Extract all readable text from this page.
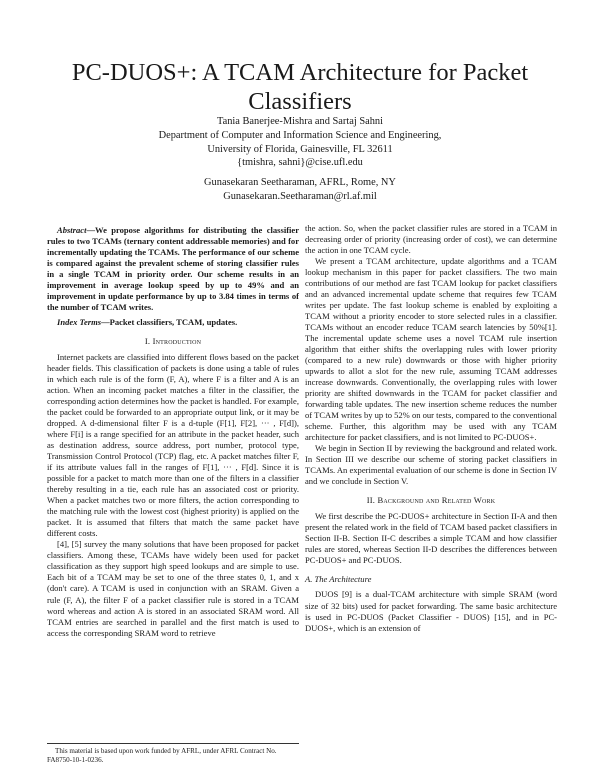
PC-DUOS+: A TCAM Architecture for Packet Classifiers
Tania Banerjee-Mishra and Sartaj Sahni
Department of Computer and Information Science and Engineering,
University of Florida, Gainesville, FL 32611
{tmishra, sahni}@cise.ufl.edu
Gunasekaran Seetharaman, AFRL, Rome, NY
Gunasekaran.Seetharaman@rl.af.mil

Abstract—We propose algorithms for distributing the classifier rules to two TCAMs (ternary content addressable memories) and for incrementally updating the TCAMs. The performance of our scheme is compared against the prevalent scheme of storing classifier rules in a single TCAM in priority order. Our scheme results in an improvement in average lookup speed by up to 49% and an improvement in update performance by up to 3.84 times in terms of the number of TCAM writes.

Index Terms—Packet classifiers, TCAM, updates.

I. Introduction

Internet packets are classified into different flows based on the packet header fields. This classification of packets is done using a table of rules in which each rule is of the form (F, A), where F is a filter and A is an action. When an incoming packet matches a filter in the classifier, the corresponding action determines how the packet is handled. For example, the packet could be forwarded to an appropriate output link, or it may be dropped. A d-dimensional filter F is a d-tuple (F[1], F[2], ··· , F[d]), where F[i] is a range specified for an attribute in the packet header, such as destination address, source address, port number, protocol type, Transmission Control Protocol (TCP) flag, etc. A packet matches filter F, if its attribute values fall in the ranges of F[1], ··· , F[d]. Since it is possible for a packet to match more than one of the filters in a classifier thereby resulting in a tie, each rule has an associated cost or priority. When a packet matches two or more filters, the action corresponding to the matching rule with the lowest cost (highest priority) is applied on the packet. It is assumed that filters that match the same packet have different costs.

[4], [5] survey the many solutions that have been proposed for packet classifiers. Among these, TCAMs have widely been used for packet classification as they support high speed lookups and are simple to use. Each bit of a TCAM may be set to one of the three states 0, 1, and x (don't care). A TCAM is used in conjunction with an SRAM. Given a rule (F, A), the filter F of a packet classifier rule is stored in a TCAM word whereas and action A is stored in an associated SRAM word. All TCAM entries are searched in parallel and the first match is used to access the corresponding SRAM word to retrieve

This material is based upon work funded by AFRL, under AFRL Contract No. FA8750-10-1-0236.

the action. So, when the packet classifier rules are stored in a TCAM in decreasing order of priority (increasing order of cost), we can determine the action in one TCAM cycle.

We present a TCAM architecture, update algorithms and a TCAM lookup mechanism in this paper for packet classifiers. The two main contributions of our method are fast TCAM lookup for packet classifiers and an advanced incremental update scheme that requires few TCAM writes per update. The fast lookup scheme is enabled by exploiting a TCAM without a priority encoder to store selected rules in a classifier. TCAMs without an encoder reduce TCAM search latencies by 50%[1]. The incremental update scheme uses a novel TCAM rule insertion algorithm that either shifts the overlapping rules with lower priority (compared to a new rule) downwards or those with higher priority upwards to allot a slot for the new rule, assuming TCAM addresses increase downwards. Conventionally, the overlapping rules with lower priority are shifted downwards in the TCAM for packet classifier and forwarding table updates. The new insertion scheme reduces the number of TCAM writes by up to 52% on our tests, compared to the conventional scheme. Further, this algorithm may be used with any TCAM architecture for packet classifiers, and is not limited to PC-DUOS+.

We begin in Section II by reviewing the background and related work. In Section III we describe our scheme of storing packet classifiers in TCAMs. An experimental evaluation of our scheme is done in Section IV and we conclude in Section V.

II. Background and Related Work

We first describe the PC-DUOS+ architecture in Section II-A and then present the related work in the field of TCAM based packet classifiers in Section II-B. Section II-C describes a simple TCAM and how classifier rules are stored, whereas Section II-D describes the differences between PC-DUOS+ and PC-DUOS.

A. The Architecture

DUOS [9] is a dual-TCAM architecture with simple SRAM (word size of 32 bits) used for packet forwarding. The same basic architecture is used in PC-DUOS (Packet Classifier - DUOS) [15], and in PC-DUOS+, which is an extension of
